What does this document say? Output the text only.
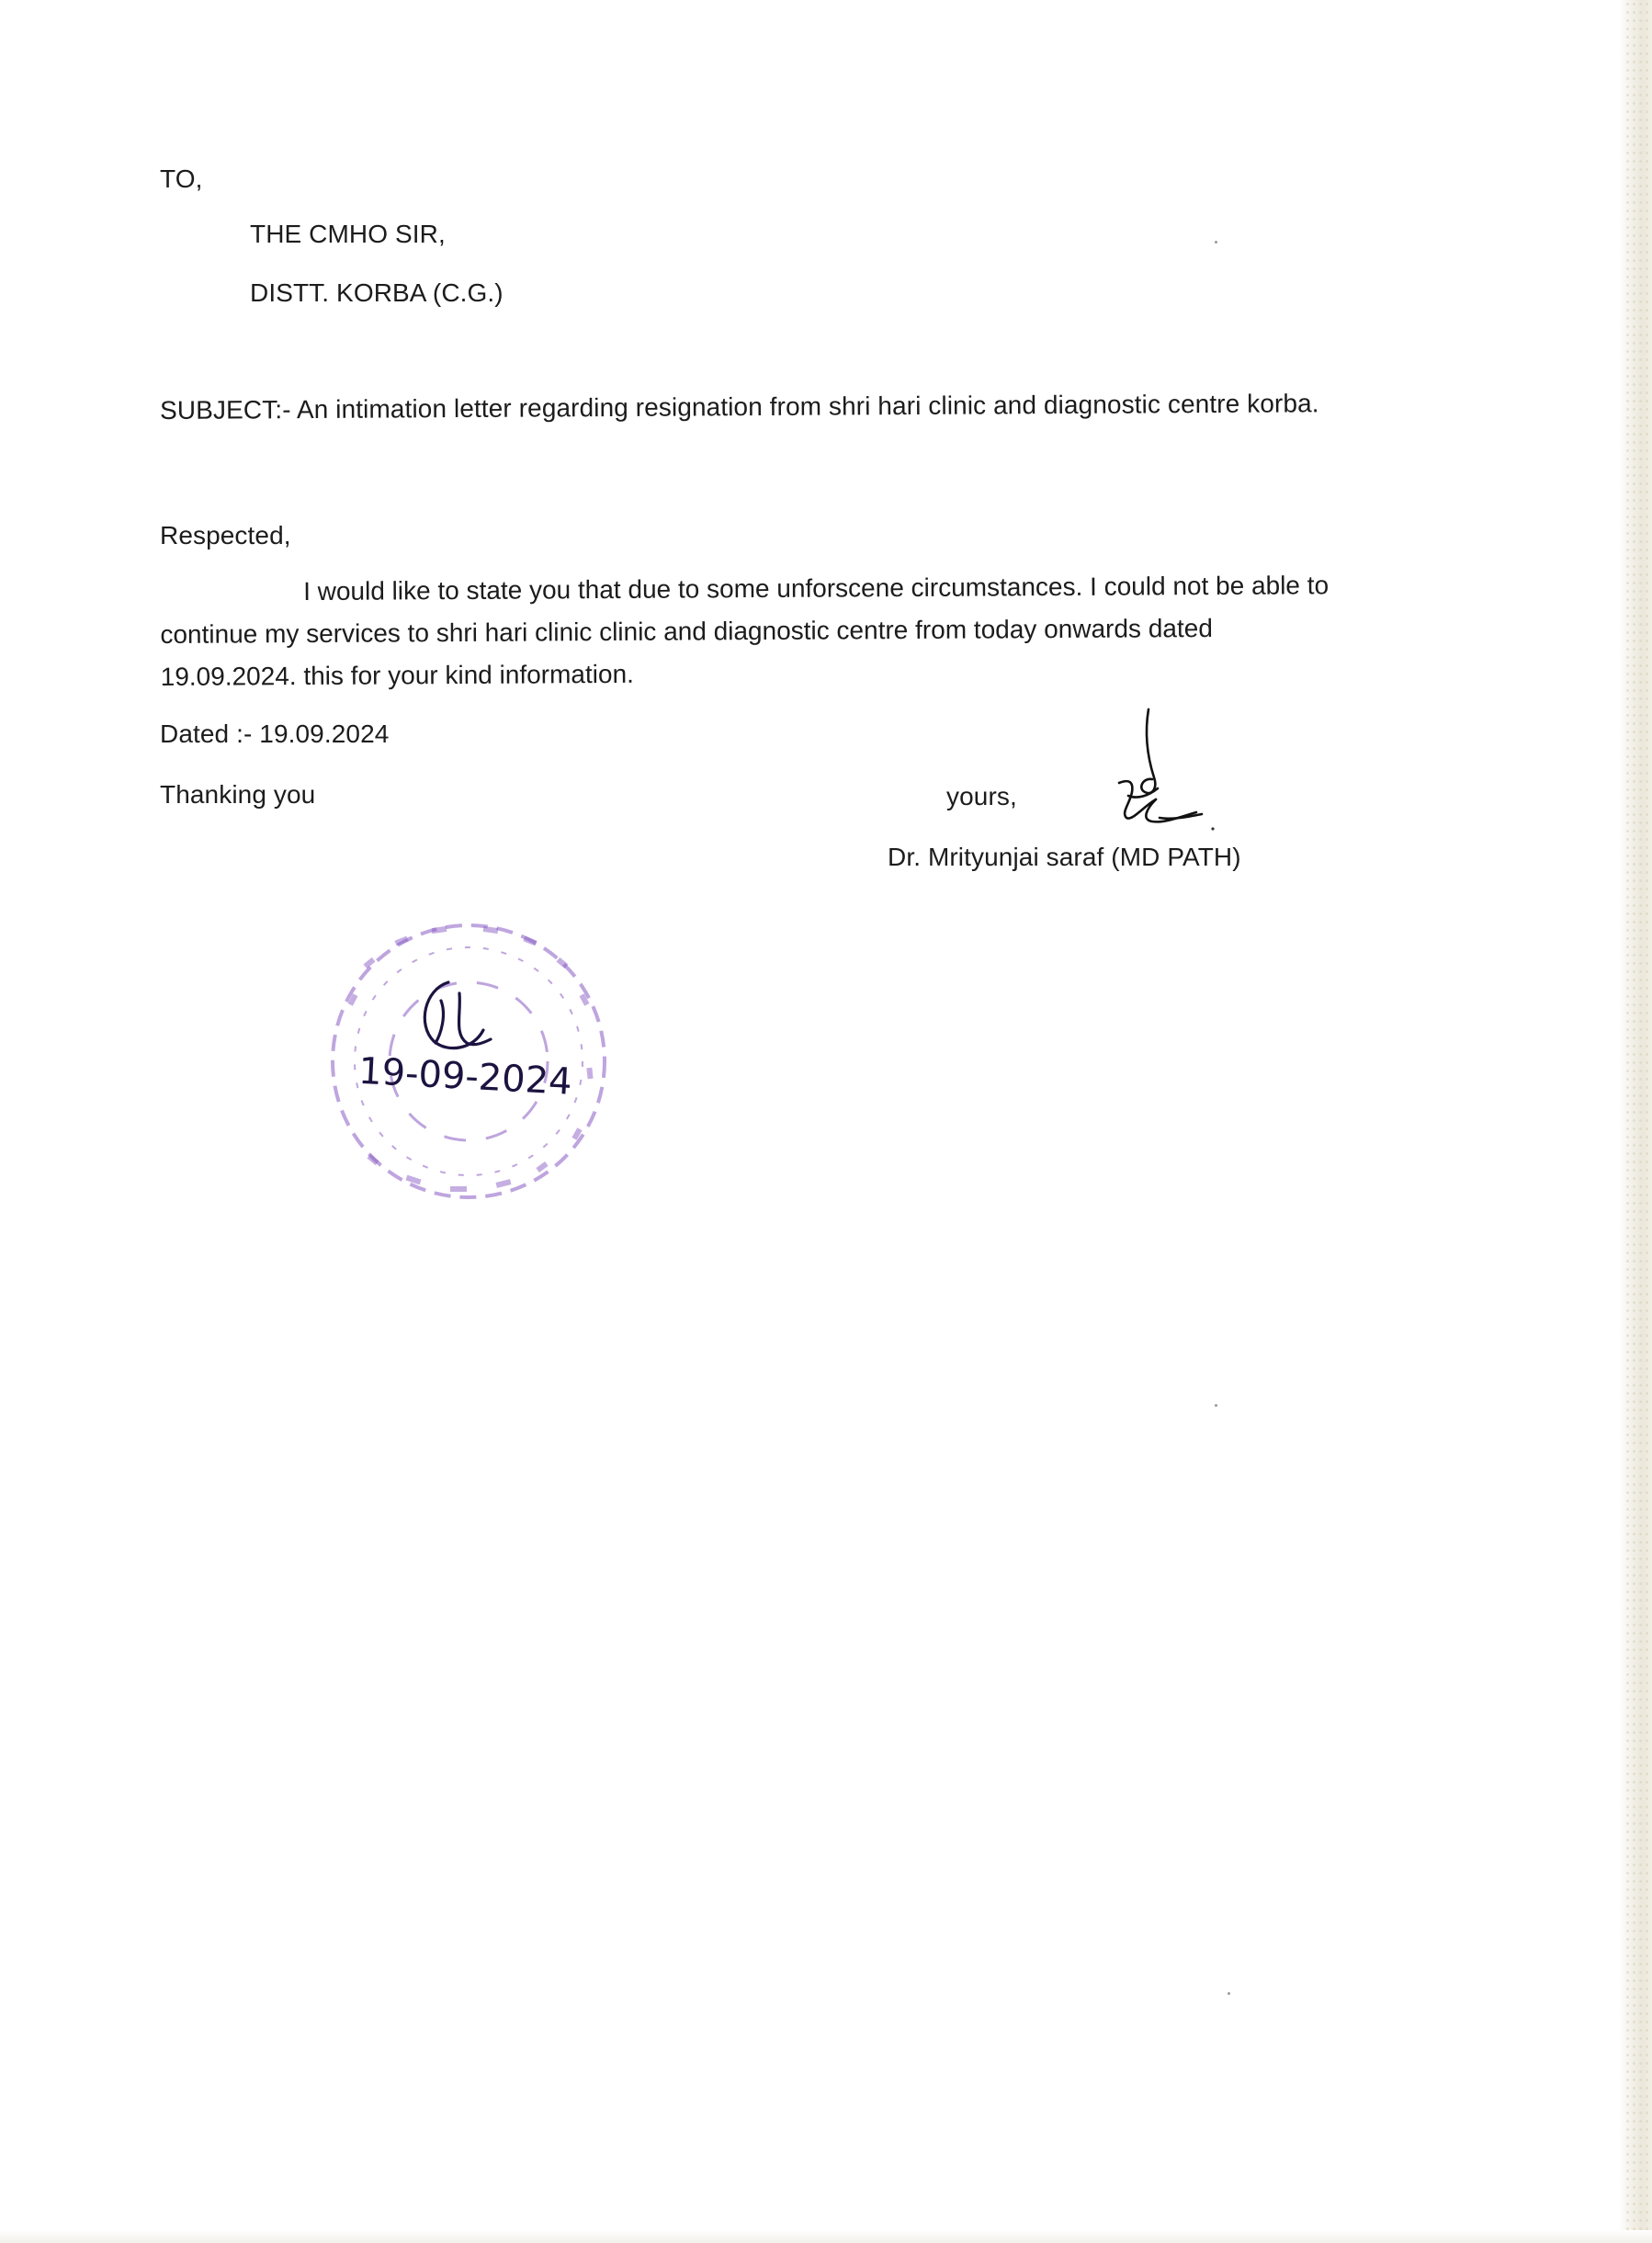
TO,
THE CMHO SIR,
DISTT. KORBA (C.G.)
SUBJECT:- An intimation letter regarding resignation from shri hari clinic and diagnostic centre korba.
Respected,
I would like to state you that due to some unforscene circumstances. I could not be able to
continue my services to shri hari clinic clinic and diagnostic centre from today onwards dated
19.09.2024. this for your kind information.
Dated :- 19.09.2024
Thanking you	yours,
Dr. Mrityunjai saraf (MD PATH)
19-09-2024
